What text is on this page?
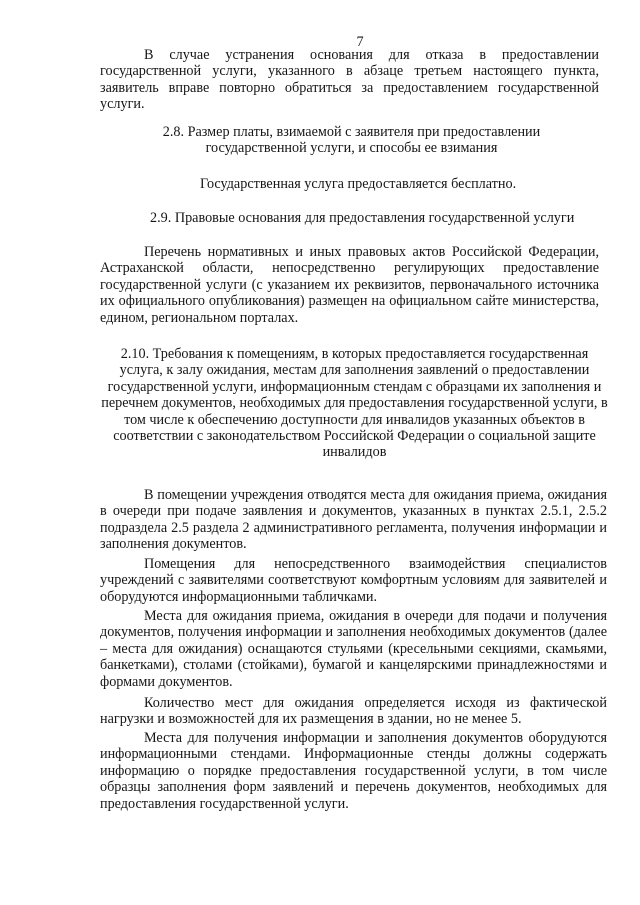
7

В случае устранения основания для отказа в предоставлении государственной услуги, указанного в абзаце третьем настоящего пункта, заявитель вправе повторно обратиться за предоставлением государственной услуги.

2.8. Размер платы, взимаемой с заявителя при предоставлении государственной услуги, и способы ее взимания

Государственная услуга предоставляется бесплатно.

2.9. Правовые основания для предоставления государственной услуги

Перечень нормативных и иных правовых актов Российской Федерации, Астраханской области, непосредственно регулирующих предоставление государственной услуги (с указанием их реквизитов, первоначального источника их официального опубликования) размещен на официальном сайте министерства, едином, региональном порталах.

2.10. Требования к помещениям, в которых предоставляется государственная услуга, к залу ожидания, местам для заполнения заявлений о предоставлении государственной услуги, информационным стендам с образцами их заполнения и перечнем документов, необходимых для предоставления государственной услуги, в том числе к обеспечению доступности для инвалидов указанных объектов в соответствии с законодательством Российской Федерации о социальной защите инвалидов

В помещении учреждения отводятся места для ожидания приема, ожидания в очереди при подаче заявления и документов, указанных в пунктах 2.5.1, 2.5.2 подраздела 2.5 раздела 2 административного регламента, получения информации и заполнения документов.

Помещения для непосредственного взаимодействия специалистов учреждений с заявителями соответствуют комфортным условиям для заявителей и оборудуются информационными табличками.

Места для ожидания приема, ожидания в очереди для подачи и получения документов, получения информации и заполнения необходимых документов (далее – места для ожидания) оснащаются стульями (кресельными секциями, скамьями, банкетками), столами (стойками), бумагой и канцелярскими принадлежностями и формами документов.

Количество мест для ожидания определяется исходя из фактической нагрузки и возможностей для их размещения в здании, но не менее 5.

Места для получения информации и заполнения документов оборудуются информационными стендами. Информационные стенды должны содержать информацию о порядке предоставления государственной услуги, в том числе образцы заполнения форм заявлений и перечень документов, необходимых для предоставления государственной услуги.
